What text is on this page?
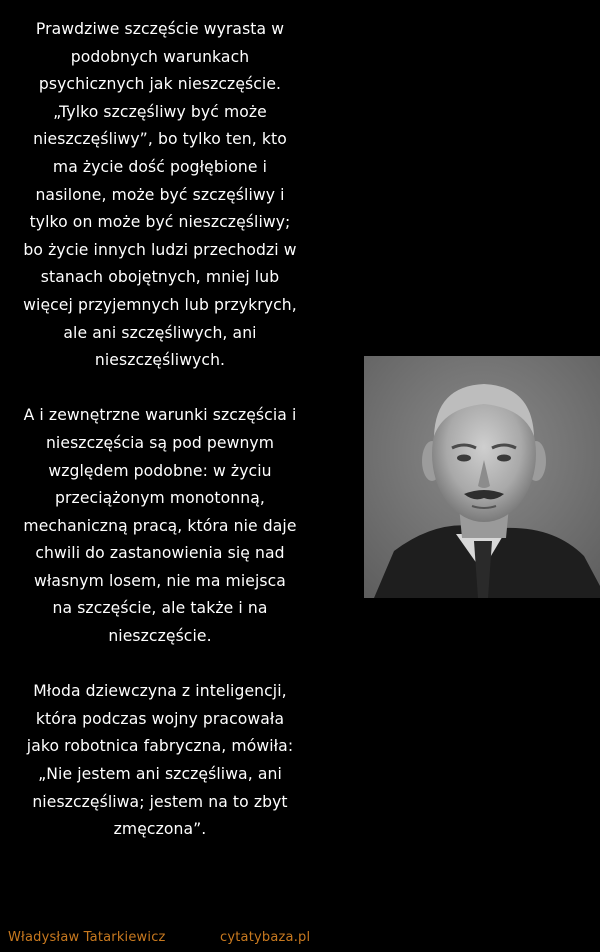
Prawdziwe szczęście wyrasta w podobnych warunkach psychicznych jak nieszczęście. „Tylko szczęśliwy być może nieszczęśliwy”, bo tylko ten, kto ma życie dość pogłębione i nasilone, może być szczęśliwy i tylko on może być nieszczęśliwy; bo życie innych ludzi przechodzi w stanach obojętnych, mniej lub więcej przyjemnych lub przykrych, ale ani szczęśliwych, ani nieszczęśliwych.

A i zewnętrzne warunki szczęścia i nieszczęścia są pod pewnym względem podobne: w życiu przeciążonym monotonną, mechaniczną pracą, która nie daje chwili do zastanowienia się nad własnym losem, nie ma miejsca na szczęście, ale także i na nieszczęście.

Młoda dziewczyna z inteligencji, która podczas wojny pracowała jako robotnica fabryczna, mówiła: „Nie jestem ani szczęśliwa, ani nieszczęśliwa; jestem na to zbyt zmęczona”.

Władysław Tatarkiewicz	cytatybaza.pl
